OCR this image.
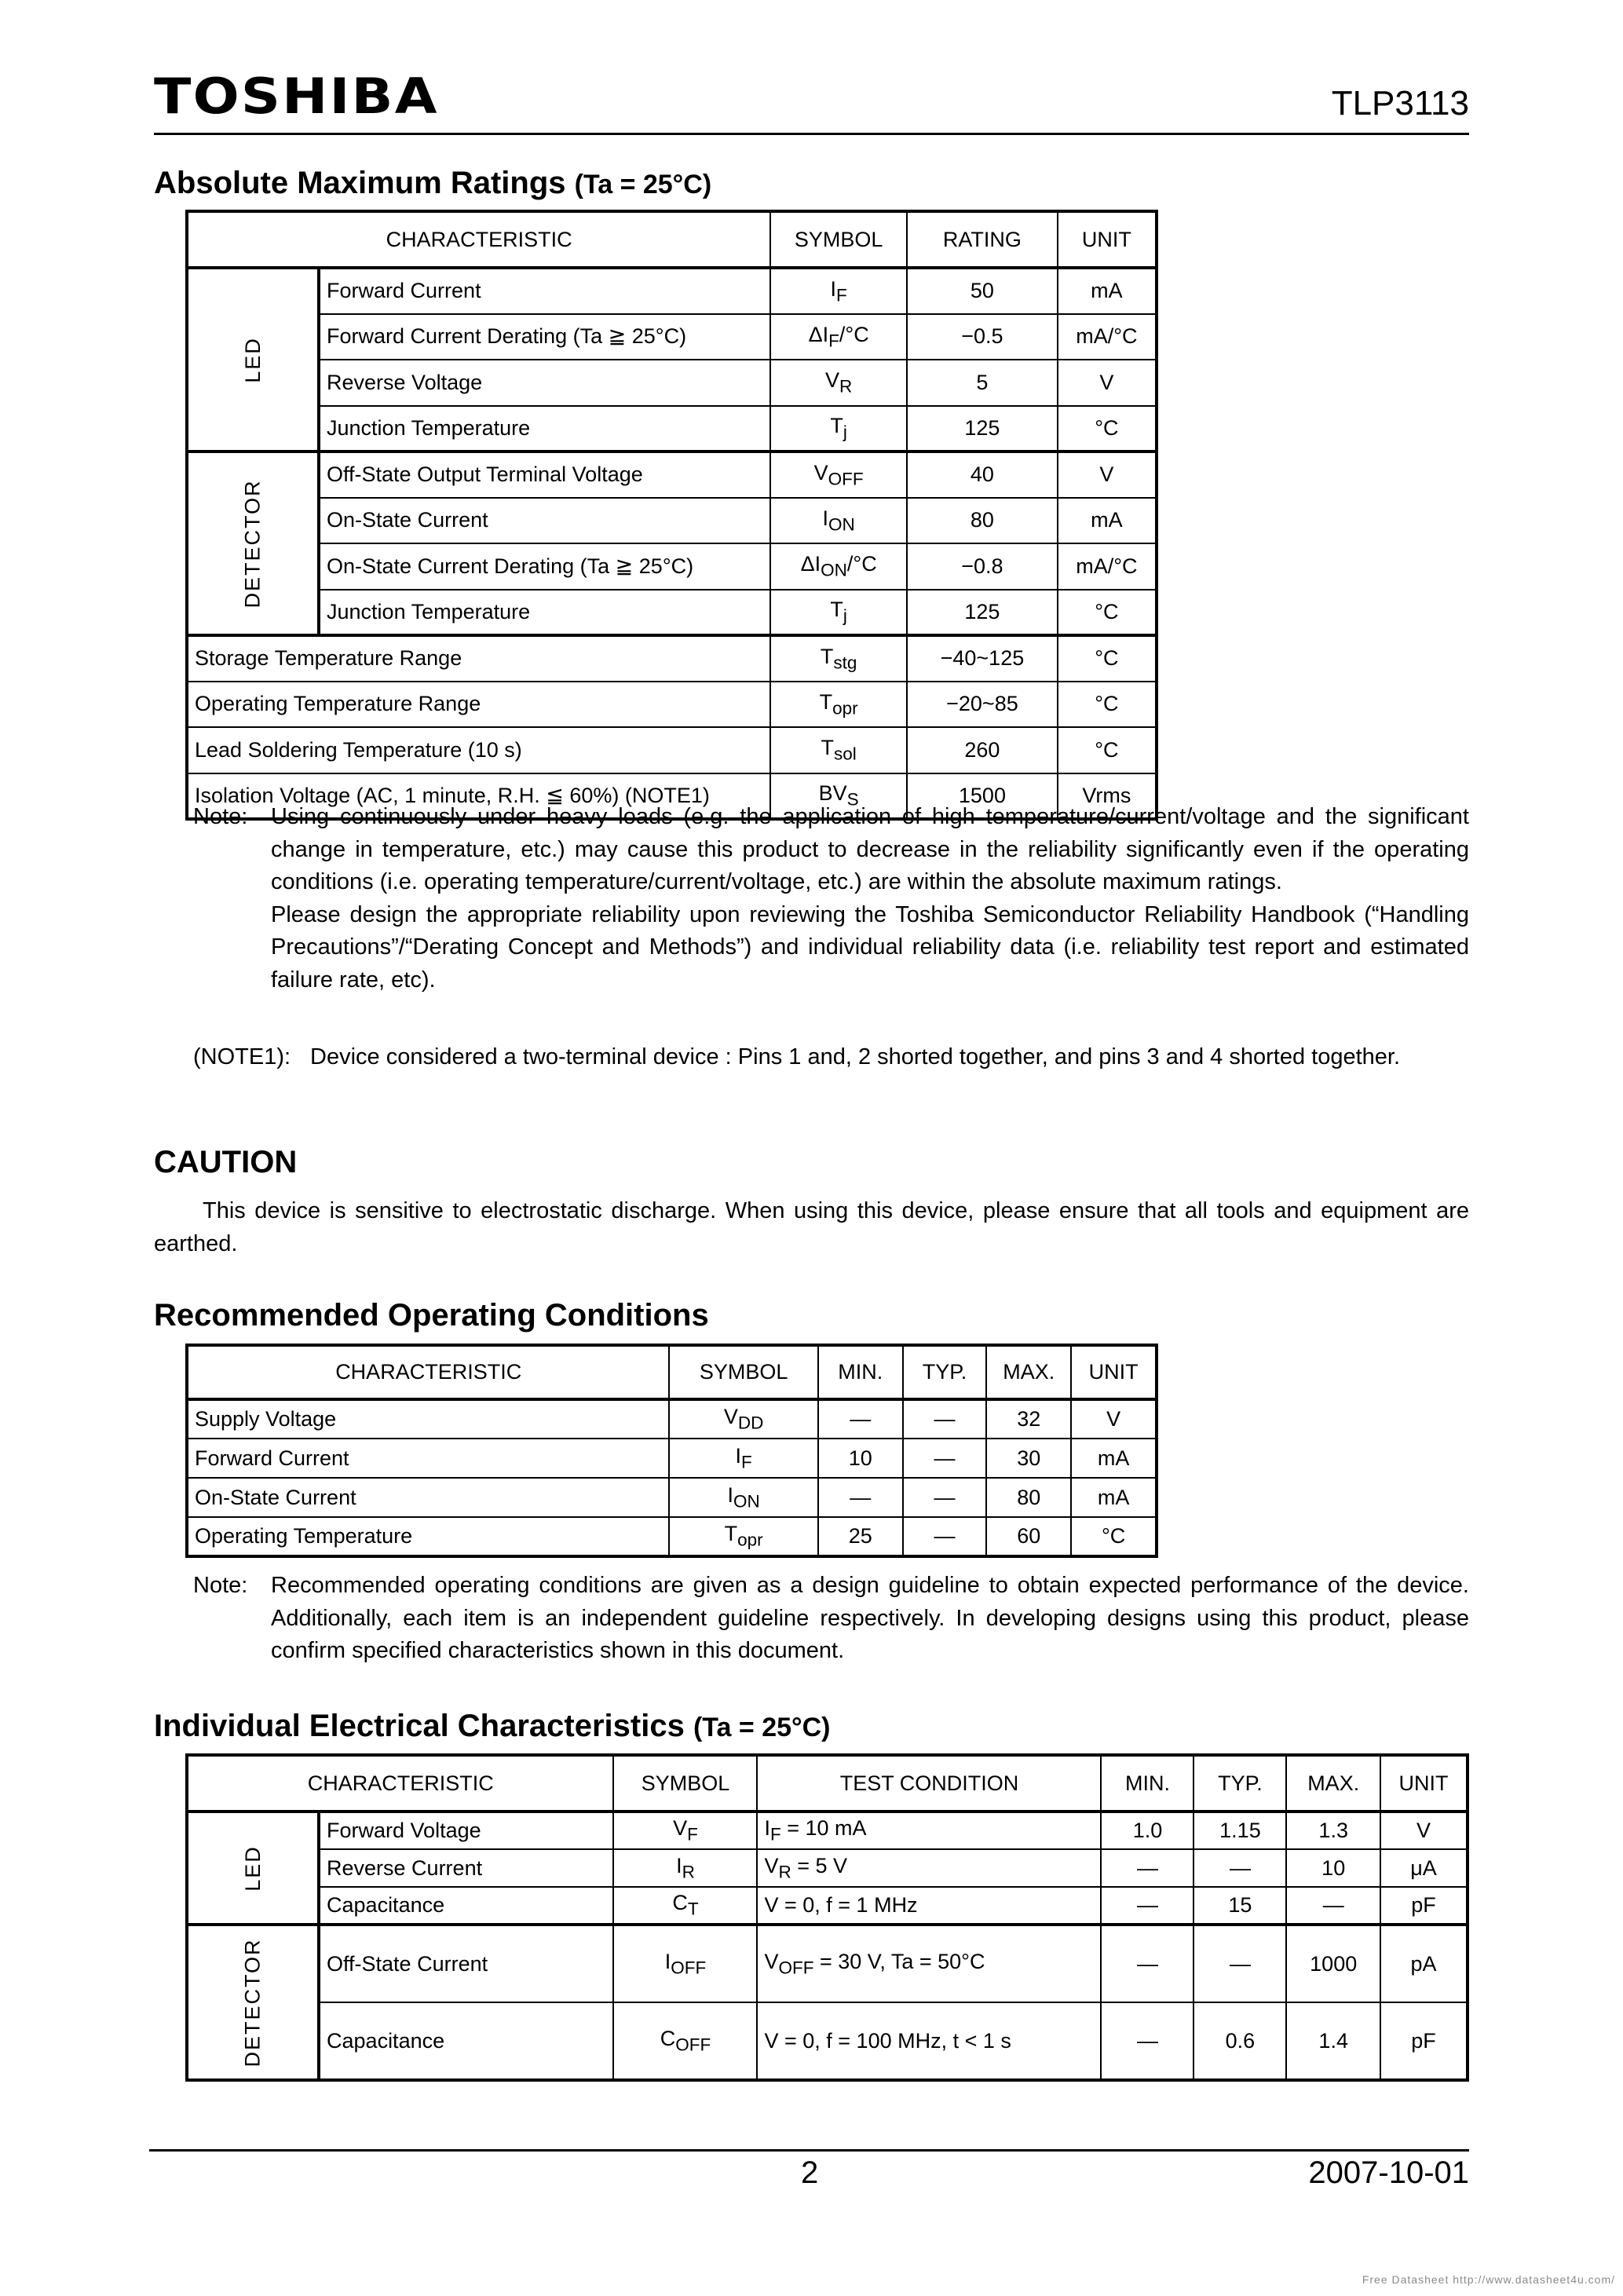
TOSHIBA	TLP3113
Absolute Maximum Ratings (Ta = 25°C)
CHARACTERISTIC		SYMBOL	RATING	UNIT
LED	Forward Current	$I_F$	50	mA
	Forward Current Derating (Ta ≧ 25°C)	$\Delta I_F/^\circ C$	−0.5	mA/°C
	Reverse Voltage	$V_R$	5	V
	Junction Temperature	$T_j$	125	°C
DETECTOR	Off-State Output Terminal Voltage	$V_{OFF}$	40	V
	On-State Current	$I_{ON}$	80	mA
	On-State Current Derating (Ta ≧ 25°C)	$\Delta I_{ON}/^\circ C$	−0.8	mA/°C
	Junction Temperature	$T_j$	125	°C
Storage Temperature Range		$T_{stg}$	−40~125	°C
Operating Temperature Range		$T_{opr}$	−20~85	°C
Lead Soldering Temperature (10 s)		$T_{sol}$	260	°C
Isolation Voltage (AC, 1 minute, R.H. ≦ 60%) (NOTE1)		$BV_S$	1500	Vrms
Note: Using continuously under heavy loads (e.g. the application of high temperature/current/voltage and the significant change in temperature, etc.) may cause this product to decrease in the reliability significantly even if the operating conditions (i.e. operating temperature/current/voltage, etc.) are within the absolute maximum ratings.
Please design the appropriate reliability upon reviewing the Toshiba Semiconductor Reliability Handbook (“Handling Precautions”/“Derating Concept and Methods”) and individual reliability data (i.e. reliability test report and estimated failure rate, etc).
(NOTE1): Device considered a two-terminal device : Pins 1 and, 2 shorted together, and pins 3 and 4 shorted together.
CAUTION
This device is sensitive to electrostatic discharge. When using this device, please ensure that all tools and equipment are earthed.
Recommended Operating Conditions
CHARACTERISTIC	SYMBOL	MIN.	TYP.	MAX.	UNIT
Supply Voltage	$V_{DD}$	―	―	32	V
Forward Current	$I_F$	10	―	30	mA
On-State Current	$I_{ON}$	―	―	80	mA
Operating Temperature	$T_{opr}$	25	―	60	°C
Note: Recommended operating conditions are given as a design guideline to obtain expected performance of the device. Additionally, each item is an independent guideline respectively. In developing designs using this product, please confirm specified characteristics shown in this document.
Individual Electrical Characteristics (Ta = 25°C)
CHARACTERISTIC		SYMBOL	TEST CONDITION	MIN.	TYP.	MAX.	UNIT
LED	Forward Voltage	$V_F$	$I_F = 10$ mA	1.0	1.15	1.3	V
	Reverse Current	$I_R$	$V_R = 5$ V	―	―	10	μA
	Capacitance	$C_T$	V = 0, f = 1 MHz	―	15	―	pF
DETECTOR	Off-State Current	$I_{OFF}$	$V_{OFF} = 30$ V, Ta = 50°C	―	―	1000	pA
	Capacitance	$C_{OFF}$	V = 0, f = 100 MHz, t < 1 s	―	0.6	1.4	pF
2	2007-10-01
Free Datasheet http://www.datasheet4u.com/
